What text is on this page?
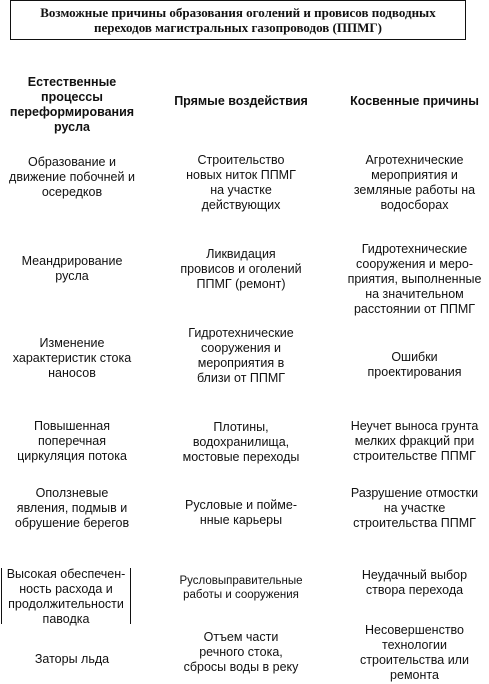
Возможные причины образования оголений и провисов подводных переходов магистральных газопроводов (ППМГ)
Естественные
процессы
переформирования
русла
Прямые воздействия	Косвенные причины
Образование и
движение побочней и
осередков
Строительство
новых ниток ППМГ
на участке
действующих
Агротехнические
мероприятия и
земляные работы на
водосборах
Меандрирование
русла
Ликвидация
провисов и оголений
ППМГ (ремонт)
Гидротехнические
сооружения и меро-
приятия, выполненные
на значительном
расстоянии от ППМГ
Изменение
характеристик стока
наносов
Гидротехнические
сооружения и
мероприятия в
близи от ППМГ
Ошибки
проектирования
Повышенная
поперечная
циркуляция потока
Плотины,
водохранилища,
мостовые переходы
Неучет выноса грунта
мелких фракций при
строительстве ППМГ
Оползневые
явления, подмыв и
обрушение берегов
Русловые и пойме-
нные карьеры
Разрушение отмостки
на участке
строительства ППМГ
Высокая обеспечен-
ность расхода и
продолжительности
паводка
Русловыправительные
работы и сооружения
Неудачный выбор
створa перехода
Заторы льда
Отъем части
речного стока,
сбросы воды в реку
Несовершенство
технологии
строительства или
ремонта
